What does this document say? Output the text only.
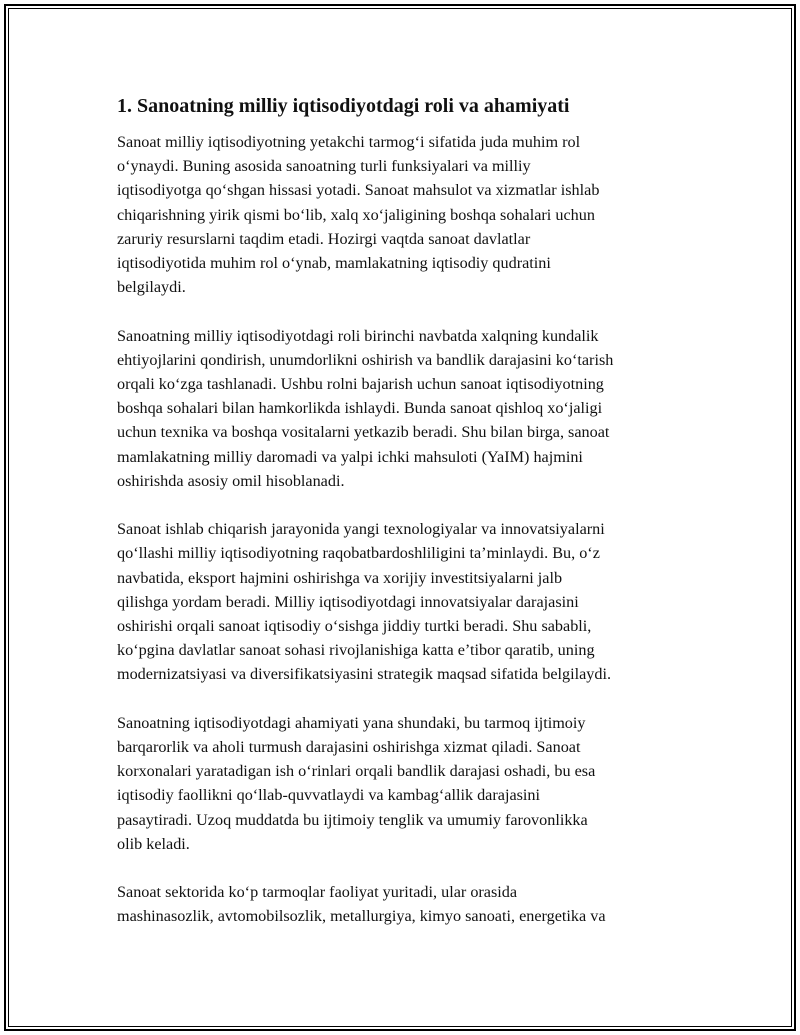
1. Sanoatning milliy iqtisodiyotdagi roli va ahamiyati

Sanoat milliy iqtisodiyotning yetakchi tarmog‘i sifatida juda muhim rol
o‘ynaydi. Buning asosida sanoatning turli funksiyalari va milliy
iqtisodiyotga qo‘shgan hissasi yotadi. Sanoat mahsulot va xizmatlar ishlab
chiqarishning yirik qismi bo‘lib, xalq xo‘jaligining boshqa sohalari uchun
zaruriy resurslarni taqdim etadi. Hozirgi vaqtda sanoat davlatlar
iqtisodiyotida muhim rol o‘ynab, mamlakatning iqtisodiy qudratini
belgilaydi.

Sanoatning milliy iqtisodiyotdagi roli birinchi navbatda xalqning kundalik
ehtiyojlarini qondirish, unumdorlikni oshirish va bandlik darajasini ko‘tarish
orqali ko‘zga tashlanadi. Ushbu rolni bajarish uchun sanoat iqtisodiyotning
boshqa sohalari bilan hamkorlikda ishlaydi. Bunda sanoat qishloq xo‘jaligi
uchun texnika va boshqa vositalarni yetkazib beradi. Shu bilan birga, sanoat
mamlakatning milliy daromadi va yalpi ichki mahsuloti (YaIM) hajmini
oshirishda asosiy omil hisoblanadi.

Sanoat ishlab chiqarish jarayonida yangi texnologiyalar va innovatsiyalarni
qo‘llashi milliy iqtisodiyotning raqobatbardoshliligini ta’minlaydi. Bu, o‘z
navbatida, eksport hajmini oshirishga va xorijiy investitsiyalarni jalb
qilishga yordam beradi. Milliy iqtisodiyotdagi innovatsiyalar darajasini
oshirishi orqali sanoat iqtisodiy o‘sishga jiddiy turtki beradi. Shu sababli,
ko‘pgina davlatlar sanoat sohasi rivojlanishiga katta e’tibor qaratib, uning
modernizatsiyasi va diversifikatsiyasini strategik maqsad sifatida belgilaydi.

Sanoatning iqtisodiyotdagi ahamiyati yana shundaki, bu tarmoq ijtimoiy
barqarorlik va aholi turmush darajasini oshirishga xizmat qiladi. Sanoat
korxonalari yaratadigan ish o‘rinlari orqali bandlik darajasi oshadi, bu esa
iqtisodiy faollikni qo‘llab-quvvatlaydi va kambag‘allik darajasini
pasaytiradi. Uzoq muddatda bu ijtimoiy tenglik va umumiy farovonlikka
olib keladi.

Sanoat sektorida ko‘p tarmoqlar faoliyat yuritadi, ular orasida
mashinasozlik, avtomobilsozlik, metallurgiya, kimyo sanoati, energetika va
